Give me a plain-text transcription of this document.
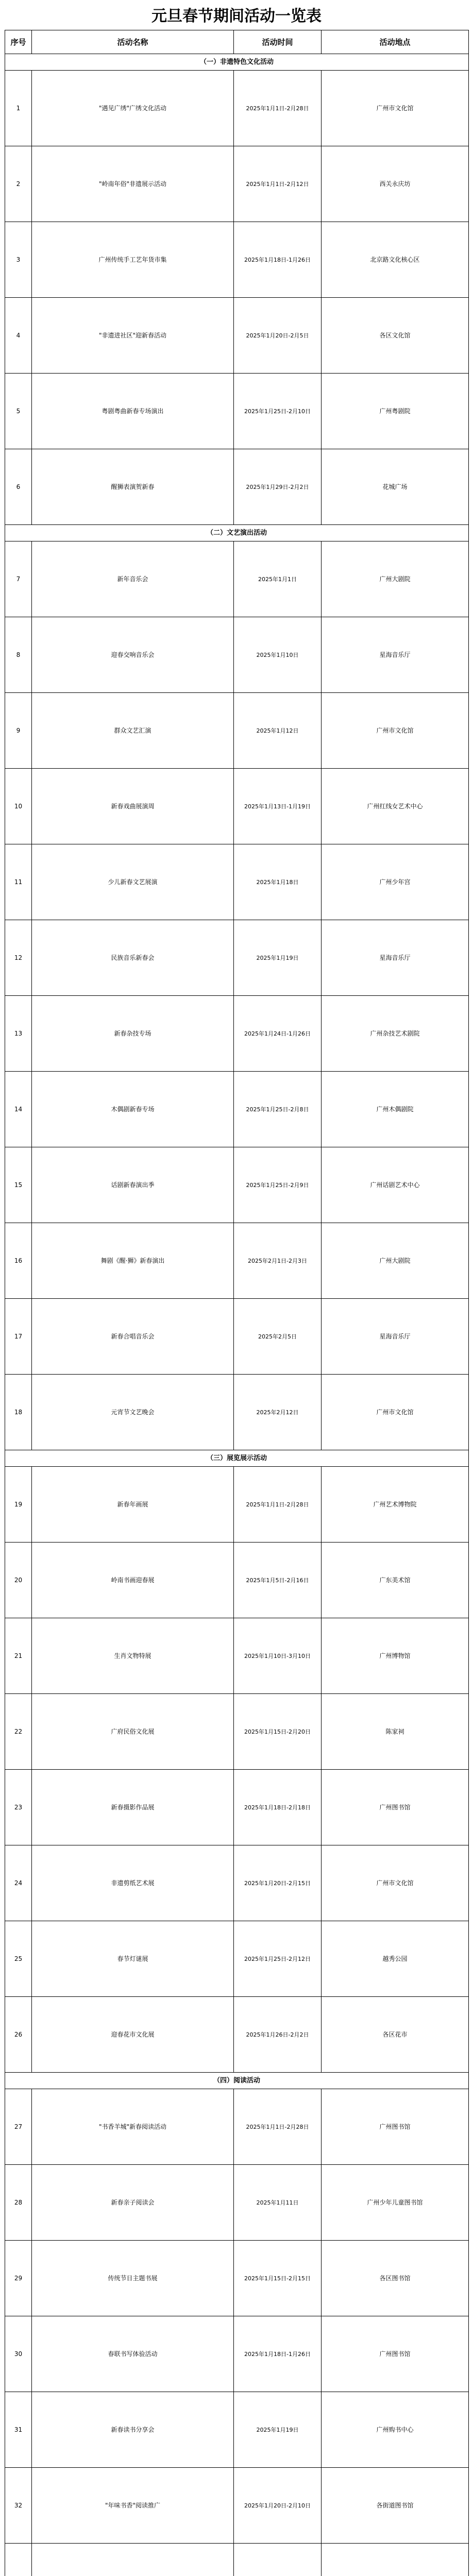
元旦春节期间活动一览表
序号	活动名称	活动时间	活动地点
（一）非遗特色文化活动			
1	"遇见广绣"广绣文化活动	2025年1月1日-2月28日	广州市文化馆
2	"岭南年俗"非遗展示活动	2025年1月1日-2月12日	西关永庆坊
3	广州传统手工艺年货市集	2025年1月18日-1月26日	北京路文化核心区
4	"非遗进社区"迎新春活动	2025年1月20日-2月5日	各区文化馆
5	粤剧粤曲新春专场演出	2025年1月25日-2月10日	广州粤剧院
6	醒狮表演贺新春	2025年1月29日-2月2日	花城广场
（二）文艺演出活动			
7	新年音乐会	2025年1月1日	广州大剧院
8	迎春交响音乐会	2025年1月10日	星海音乐厅
9	群众文艺汇演	2025年1月12日	广州市文化馆
10	新春戏曲展演周	2025年1月13日-1月19日	广州红线女艺术中心
11	少儿新春文艺展演	2025年1月18日	广州少年宫
12	民族音乐新春会	2025年1月19日	星海音乐厅
13	新春杂技专场	2025年1月24日-1月26日	广州杂技艺术剧院
14	木偶剧新春专场	2025年1月25日-2月8日	广州木偶剧院
15	话剧新春演出季	2025年1月25日-2月9日	广州话剧艺术中心
16	舞剧《醒·狮》新春演出	2025年2月1日-2月3日	广州大剧院
17	新春合唱音乐会	2025年2月5日	星海音乐厅
18	元宵节文艺晚会	2025年2月12日	广州市文化馆
（三）展览展示活动			
19	新春年画展	2025年1月1日-2月28日	广州艺术博物院
20	岭南书画迎春展	2025年1月5日-2月16日	广东美术馆
21	生肖文物特展	2025年1月10日-3月10日	广州博物馆
22	广府民俗文化展	2025年1月15日-2月20日	陈家祠
23	新春摄影作品展	2025年1月18日-2月18日	广州图书馆
24	非遗剪纸艺术展	2025年1月20日-2月15日	广州市文化馆
25	春节灯谜展	2025年1月25日-2月12日	越秀公园
26	迎春花市文化展	2025年1月26日-2月2日	各区花市
（四）阅读活动			
27	"书香羊城"新春阅读活动	2025年1月1日-2月28日	广州图书馆
28	新春亲子阅读会	2025年1月11日	广州少年儿童图书馆
29	传统节日主题书展	2025年1月15日-2月15日	各区图书馆
30	春联书写体验活动	2025年1月18日-1月26日	广州图书馆
31	新春读书分享会	2025年1月19日	广州购书中心
32	"年味书香"阅读推广	2025年1月20日-2月10日	各街道图书馆
